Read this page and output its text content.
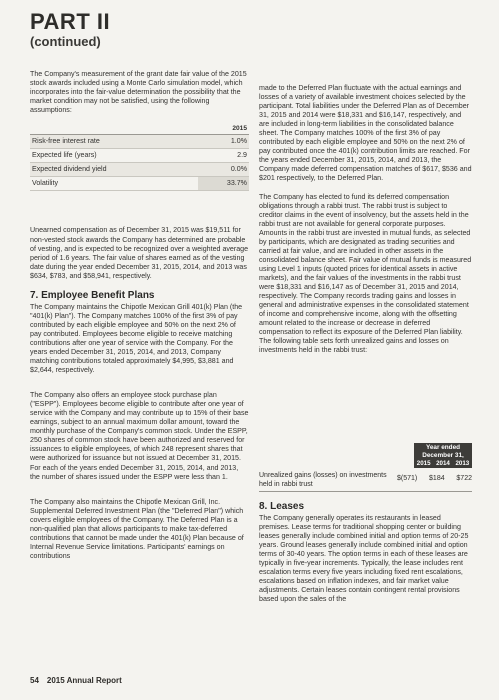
PART II
(continued)

The Company's measurement of the grant date fair value of the 2015 stock awards included using a Monte Carlo simulation model, which incorporates into the fair-value determination the possibility that the market condition may not be satisfied, using the following assumptions:

2015	
Risk-free interest rate	1.0%
Expected life (years)	2.9
Expected dividend yield	0.0%
Volatility	33.7%

Unearned compensation as of December 31, 2015 was $19,511 for non-vested stock awards the Company has determined are probable of vesting, and is expected to be recognized over a weighted average period of 1.6 years. The fair value of shares earned as of the vesting date during the year ended December 31, 2015, 2014, and 2013 was $634, $783, and $58,941, respectively.

7. Employee Benefit Plans

The Company maintains the Chipotle Mexican Grill 401(k) Plan (the "401(k) Plan"). The Company matches 100% of the first 3% of pay contributed by each eligible employee and 50% on the next 2% of pay contributed. Employees become eligible to receive matching contributions after one year of service with the Company. For the years ended December 31, 2015, 2014, and 2013, Company matching contributions totaled approximately $4,995, $3,881 and $2,644, respectively.

The Company also offers an employee stock purchase plan ("ESPP"). Employees become eligible to contribute after one year of service with the Company and may contribute up to 15% of their base earnings, subject to an annual maximum dollar amount, toward the monthly purchase of the Company's common stock. Under the ESPP, 250 shares of common stock have been authorized and reserved for issuances to eligible employees, of which 248 represent shares that were authorized for issuance but not issued at December 31, 2015. For each of the years ended December 31, 2015, 2014, and 2013, the number of shares issued under the ESPP were less than 1.

The Company also maintains the Chipotle Mexican Grill, Inc. Supplemental Deferred Investment Plan (the "Deferred Plan") which covers eligible employees of the Company. The Deferred Plan is a non-qualified plan that allows participants to make tax-deferred contributions that cannot be made under the 401(k) Plan because of Internal Revenue Service limitations. Participants' earnings on contributions

made to the Deferred Plan fluctuate with the actual earnings and losses of a variety of available investment choices selected by the participant. Total liabilities under the Deferred Plan as of December 31, 2015 and 2014 were $18,331 and $16,147, respectively, and are included in long-term liabilities in the consolidated balance sheet. The Company matches 100% of the first 3% of pay contributed by each eligible employee and 50% on the next 2% of pay contributed once the 401(k) contribution limits are reached. For the years ended December 31, 2015, 2014, and 2013, the Company made deferred compensation matches of $617, $536 and $201 respectively, to the Deferred Plan.

The Company has elected to fund its deferred compensation obligations through a rabbi trust. The rabbi trust is subject to creditor claims in the event of insolvency, but the assets held in the rabbi trust are not available for general corporate purposes. Amounts in the rabbi trust are invested in mutual funds, as selected by participants, which are designated as trading securities and carried at fair value, and are included in other assets in the consolidated balance sheet. Fair value of mutual funds is measured using Level 1 inputs (quoted prices for identical assets in active markets), and the fair values of the investments in the rabbi trust were $18,331 and $16,147 as of December 31, 2015 and 2014, respectively. The Company records trading gains and losses in general and administrative expenses in the consolidated statement of income and comprehensive income, along with the offsetting amount related to the increase or decrease in deferred compensation to reflect its exposure of the Deferred Plan liability. The following table sets forth unrealized gains and losses on investments held in the rabbi trust:

Year ended
December 31,
2015 2014 2013
Unrealized gains (losses) on investments held in rabbi trust
$(571) $184 $722
8. Leases

The Company generally operates its restaurants in leased premises. Lease terms for traditional shopping center or building leases generally include combined initial and option terms of 20-25 years. Ground leases generally include combined initial and option terms of 30-40 years. The option terms in each of these leases are typically in five-year increments. Typically, the lease includes rent escalation terms every five years including fixed rent escalations, escalations based on inflation indexes, and fair market value adjustments. Certain leases contain contingent rental provisions based upon the sales of the

54 2015 Annual Report
